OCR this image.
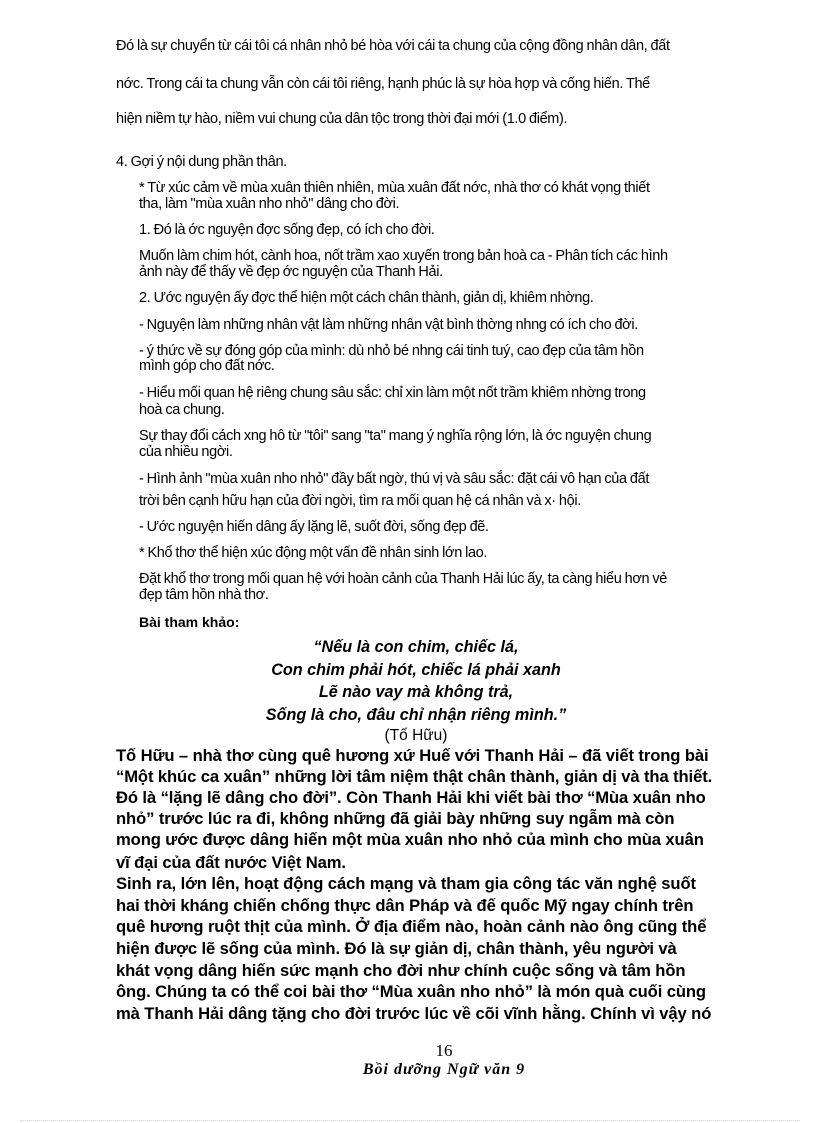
Đó là sự chuyển từ cái tôi cá nhân nhỏ bé hòa với cái ta chung của cộng đồng nhân dân, đất

nớc. Trong cái ta chung vẫn còn cái tôi riêng, hạnh phúc là sự hòa hợp và cống hiến. Thể

hiện niềm tự hào, niềm vui chung của dân tộc trong thời đại mới (1.0 điểm).

4. Gợi ý nội dung phần thân.

* Từ xúc cảm về mùa xuân thiên nhiên, mùa xuân đất nớc, nhà thơ có khát vọng thiết

tha, làm "mùa xuân nho nhỏ" dâng cho đời.

1. Đó là ớc nguyện đợc sống đẹp, có ích cho đời.

Muốn làm chim hót, cành hoa, nốt trầm xao xuyến trong bản hoà ca - Phân tích các hình

ảnh này để thấy về đẹp ớc nguyện của Thanh Hải.

2. Ước nguyện ấy đợc thể hiện một cách chân thành, giản dị, khiêm nhờng.

- Nguyện làm những nhân vật làm những nhân vật bình thờng nhng có ích cho đời.

- ý thức về sự đóng góp của mình: dù nhỏ bé nhng cái tinh tuý, cao đẹp của tâm hồn

mình góp cho đất nớc.

- Hiểu mối quan hệ riêng chung sâu sắc: chỉ xin làm một nốt trầm khiêm nhờng trong

hoà ca chung.

Sự thay đổi cách xng hô từ "tôi" sang "ta" mang ý nghĩa rộng lớn, là ớc nguyện chung

của nhiều ngời.

- Hình ảnh "mùa xuân nho nhỏ" đầy bất ngờ, thú vị và sâu sắc: đặt cái vô hạn của đất

trời bên cạnh hữu hạn của đời ngời, tìm ra mối quan hệ cá nhân và x· hội.

- Ước nguyện hiến dâng ấy lặng lẽ, suốt đời, sống đẹp đẽ.

* Khổ thơ thể hiện xúc động một vấn đề nhân sinh lớn lao.

Đặt khổ thơ trong mối quan hệ với hoàn cảnh của Thanh Hải lúc ấy, ta càng hiểu hơn vẻ

đẹp tâm hồn nhà thơ.

Bài tham khảo:

“Nếu là con chim, chiếc lá,
Con chim phải hót, chiếc lá phải xanh
Lẽ nào vay mà không trả,
Sống là cho, đâu chỉ nhận riêng mình.”
(Tố Hữu)

Tố Hữu – nhà thơ cùng quê hương xứ Huế với Thanh Hải – đã viết trong bài

“Một khúc ca xuân” những lời tâm niệm thật chân thành, giản dị và tha thiết.

Đó là “lặng lẽ dâng cho đời”. Còn Thanh Hải khi viết bài thơ “Mùa xuân nho

nhỏ” trước lúc ra đi, không những đã giải bày những suy ngẫm mà còn

mong ước được dâng hiến một mùa xuân nho nhỏ của mình cho mùa xuân

vĩ đại của đất nước Việt Nam.

Sinh ra, lớn lên, hoạt động cách mạng và tham gia công tác văn nghệ suốt

hai thời kháng chiến chống thực dân Pháp và đế quốc Mỹ ngay chính trên

quê hương ruột thịt của mình. Ở địa điểm nào, hoàn cảnh nào ông cũng thể

hiện được lẽ sống của mình. Đó là sự giản dị, chân thành, yêu người và

khát vọng dâng hiến sức mạnh cho đời như chính cuộc sống và tâm hồn

ông. Chúng ta có thể coi bài thơ “Mùa xuân nho nhỏ” là món quà cuối cùng

mà Thanh Hải dâng tặng cho đời trước lúc về cõi vĩnh hằng. Chính vì vậy nó

16
Bồi dưỡng Ngữ văn 9
